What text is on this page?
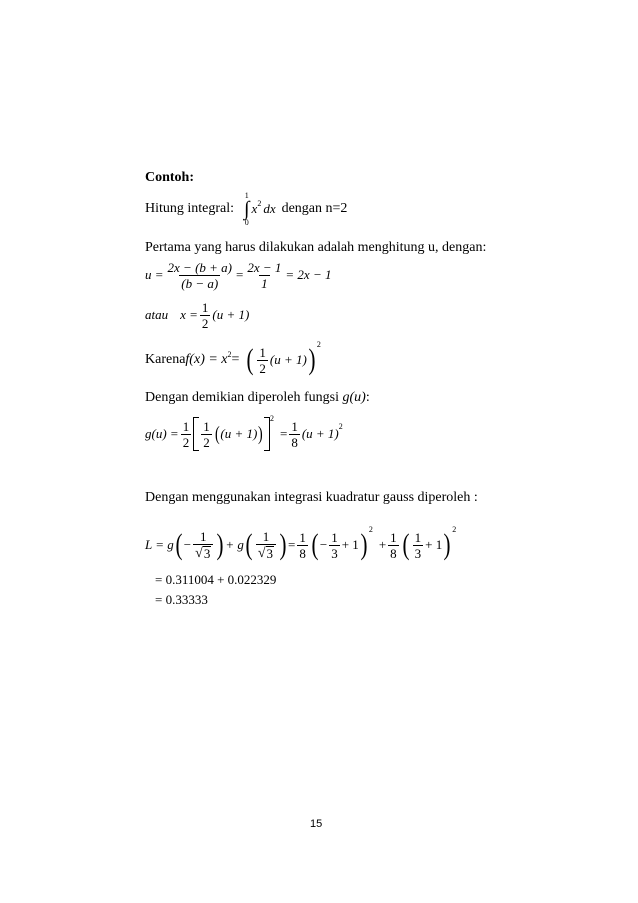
Contoh:
Hitung integral:
1
∫
0
x 2 dx dengan n=2
Pertama yang harus dilakukan adalah menghitung u, dengan:
$u = \frac{2x - (b + a)}{(b - a)} = \frac{2x - 1}{1} = 2x - 1$
atau $x = \frac{1}{2} (u + 1)$
Karena f(x) = x 2 = ( $\frac{1}{2} (u + 1)$ ) 2
Dengan demikian diperoleh fungsi g(u):
$g(u) = \frac{1}{2} \frac{1}{2}$ ( (u + 1) )
2
= $\frac{1}{8} (u + 1)$ 2
Dengan menggunakan integrasi kuadratur gauss diperoleh :
L = g ( − $\frac{1}{√ 3}$ ) + g ( $\frac{1}{√ 3}$ ) = $\frac{1}{8}$ ( − $\frac{1}{3} + 1$ ) 2
+ $\frac{1}{8}$ ( $\frac{1}{3} + 1$ ) 2
= 0.311004 + 0.022329
= 0.33333
15
